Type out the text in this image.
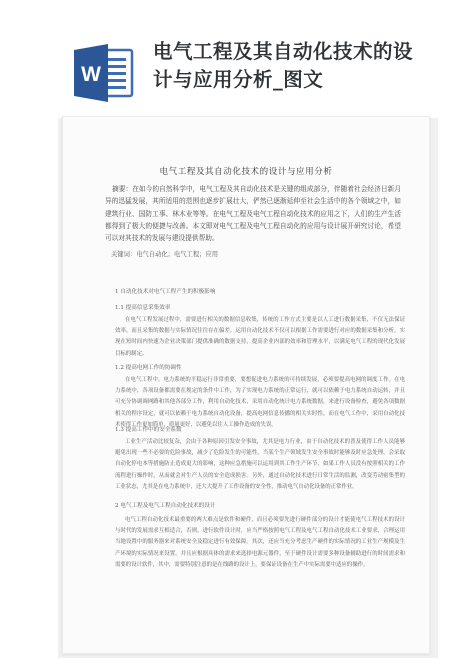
W
电气工程及其自动化技术的设
计与应用分析_图文
电气工程及其自动化技术的设计与应用分析
摘要：在如今的自然科学中，电气工程及其自动化技术是关键的组成部分，伴随着社会经济日新月异的迅猛发展，其所适用的范围也逐步扩展壮大，俨然已逐渐延伸至社会生活中的各个领域之中，如建筑行业、国防工事、林木业等等。在电气工程及电气工程自动化技术的应用之下，人们的生产生活都得到了极大的便捷与改善。本文即对电气工程及电气工程自动化的应用与设计展开研究讨论，希望可以对其技术的发展与建设提供帮助。
关键词：电气自动化；电气工程；应用
1 自动化技术对电气工程产生的积极影响
1.1 提高信息采集效率
在电气工程发展过程中，需要进行相关的数据信息收集，传统的工作方式主要是以人工进行数据采集，不仅无法保证效率，而且采集的数据与实际情况往往存在偏差。运用自动化技术不仅可以根据工作需要进行对应的数据采集和分析，实现在短时间内快速为企业决策部门提供准确的数据支持，提高企业内部的效率和管理水平，以满足电气工程的现代化发展目标的制定。
1.2 提高电网工作的协调性
在电气工程中，电力系统的平稳运行非常重要，要想促进电力系统的可持续发展，必须要提高电网的调度工作。在电力系统中，各项设备都需要在规定的条件中工作，为了实现电力系统的正常运行，就可以依赖于电力系统自动运转，并且可充分协调调网路和其他各部分工作，利用自动化技术，采用自动化统计电力系统数据，来进行设备检查，避免各项数据相关的程序设定，就可以依赖于电力系统自动化设备，提高电网信息传播的相关实时性，而在电气工作中，采用自动化技术使得工作更加简单，质量更好，以避免以往人工操作造成的失误。
1.3 提高工作中的安全系数
工业生产活动比较复杂，会由于各种原因引发安全事故，尤其是电力行业，由于自动化技术的普及使得工作人员能够避免出现一些不必要的危险事故，减少了危险发生的可能性，当某个生产领域发生安全事故时能够及时应急处理，会采取自动化停电本等措施防止造成更大的影响，这种应急措施可以运用到其工作生产环节，如果工作人员没有按照相关的工作流程进行操作时，从而就会对生产人员的安全造成损害。另外，通过自动化技术进行日常生活的监测，改变劳动密集型的工业状态，尤其是在电力系统中，还大大提升了工作设备的安全性，推动电气自动化设备的正常作业。
2 电气工程及电气工程自动化技术的设计
电气工程自动化技术最重要的两大难点是软件和硬件，而且必须要先进行硬件部分的设计才能使电气工程技术的设计与时代的发展需求互相适合，否则，进行软件设计时，应当严格按照电气工程及电气工程自动化技术工业要求，合理运用当地设置中的服务器来对系统安全及稳定进行有效保障。其次，还应当充分考虑生产硬件的实际情况的工业生产规模及生产环境的实际情况来设置。并且应根据具体的需求来选择电源元器件，至于硬件设计需要多种设备辅助进行的时间需求和需要的设计软件，其中，需要特别注意的是在线路的设计上，要保证设备在生产中实际需要中适应的操作。
